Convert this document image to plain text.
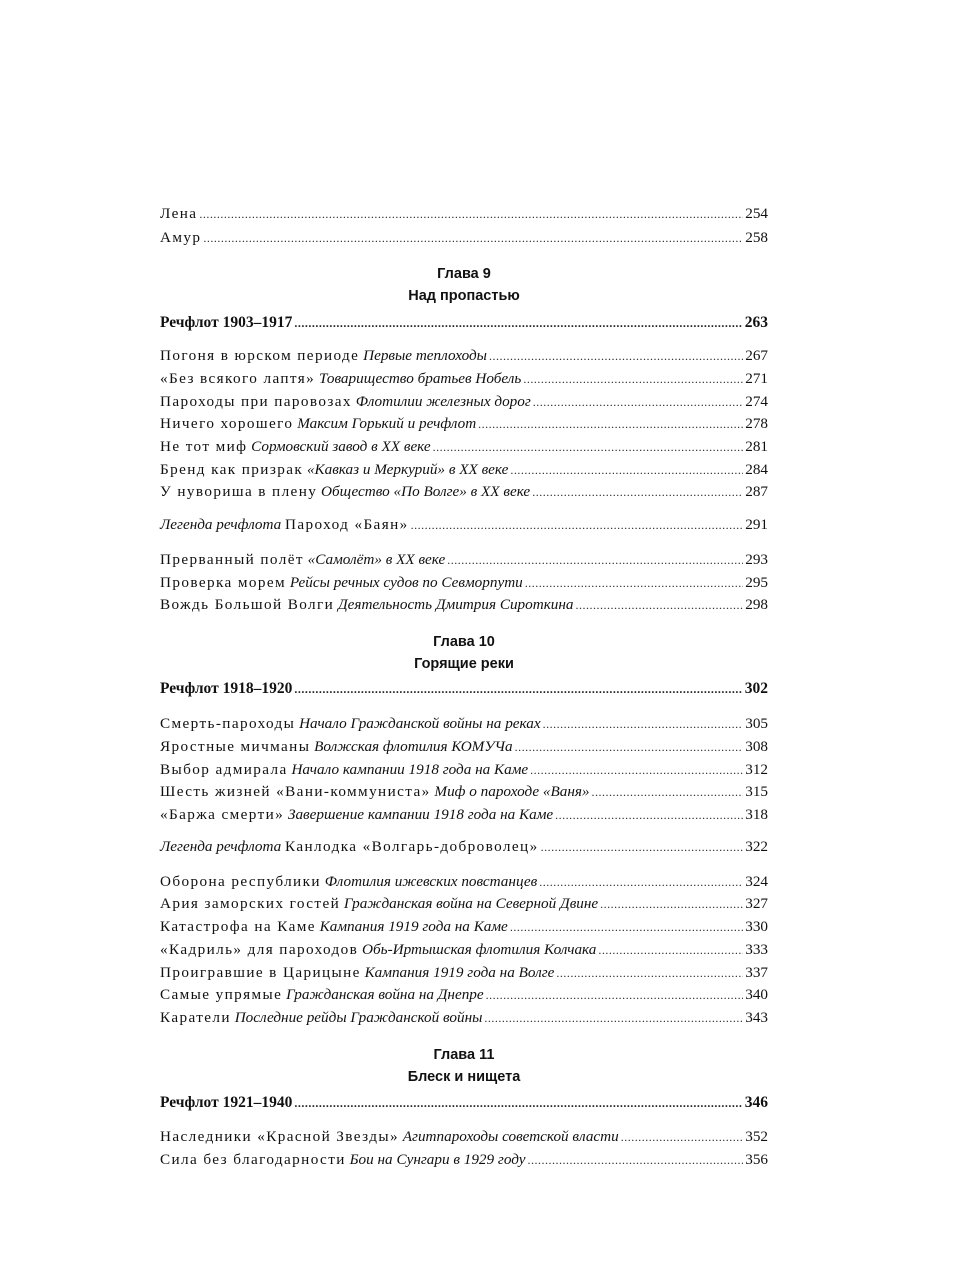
Лена .....	254
Амур .....	258
Глава 9
Над пропастью
Речфлот 1903–1917 .....	263
Погоня в юрском периоде Первые теплоходы .....	267
«Без всякого лаптя» Товарищество братьев Нобель .....	271
Пароходы при паровозах Флотилии железных дорог .....	274
Ничего хорошего Максим Горький и речфлот .....	278
Не тот миф Сормовский завод в XX веке .....	281
Бренд как призрак «Кавказ и Меркурий» в XX веке .....	284
У нувориша в плену Общество «По Волге» в XX веке .....	287
Легенда речфлота Пароход «Баян» .....	291
Прерванный полёт «Самолёт» в XX веке .....	293
Проверка морем Рейсы речных судов по Севморпути .....	295
Вождь Большой Волги Деятельность Дмитрия Сироткина .....	298
Глава 10
Горящие реки
Речфлот 1918–1920 .....	302
Смерть-пароходы Начало Гражданской войны на реках .....	305
Яростные мичманы Волжская флотилия КОМУЧа .....	308
Выбор адмирала Начало кампании 1918 года на Каме .....	312
Шесть жизней «Вани-коммуниста» Миф о пароходе «Ваня» .....	315
«Баржа смерти» Завершение кампании 1918 года на Каме .....	318
Легенда речфлота Канлодка «Волгарь-доброволец» .....	322
Оборона республики Флотилия ижевских повстанцев .....	324
Ария заморских гостей Гражданская война на Северной Двине .....	327
Катастрофа на Каме Кампания 1919 года на Каме .....	330
«Кадриль» для пароходов Обь-Иртышская флотилия Колчака .....	333
Проигравшие в Царицыне Кампания 1919 года на Волге .....	337
Самые упрямые Гражданская война на Днепре .....	340
Каратели Последние рейды Гражданской войны .....	343
Глава 11
Блеск и нищета
Речфлот 1921–1940 .....	346
Наследники «Красной Звезды» Агитпароходы советской власти .....	352
Сила без благодарности Бои на Сунгари в 1929 году .....	356
